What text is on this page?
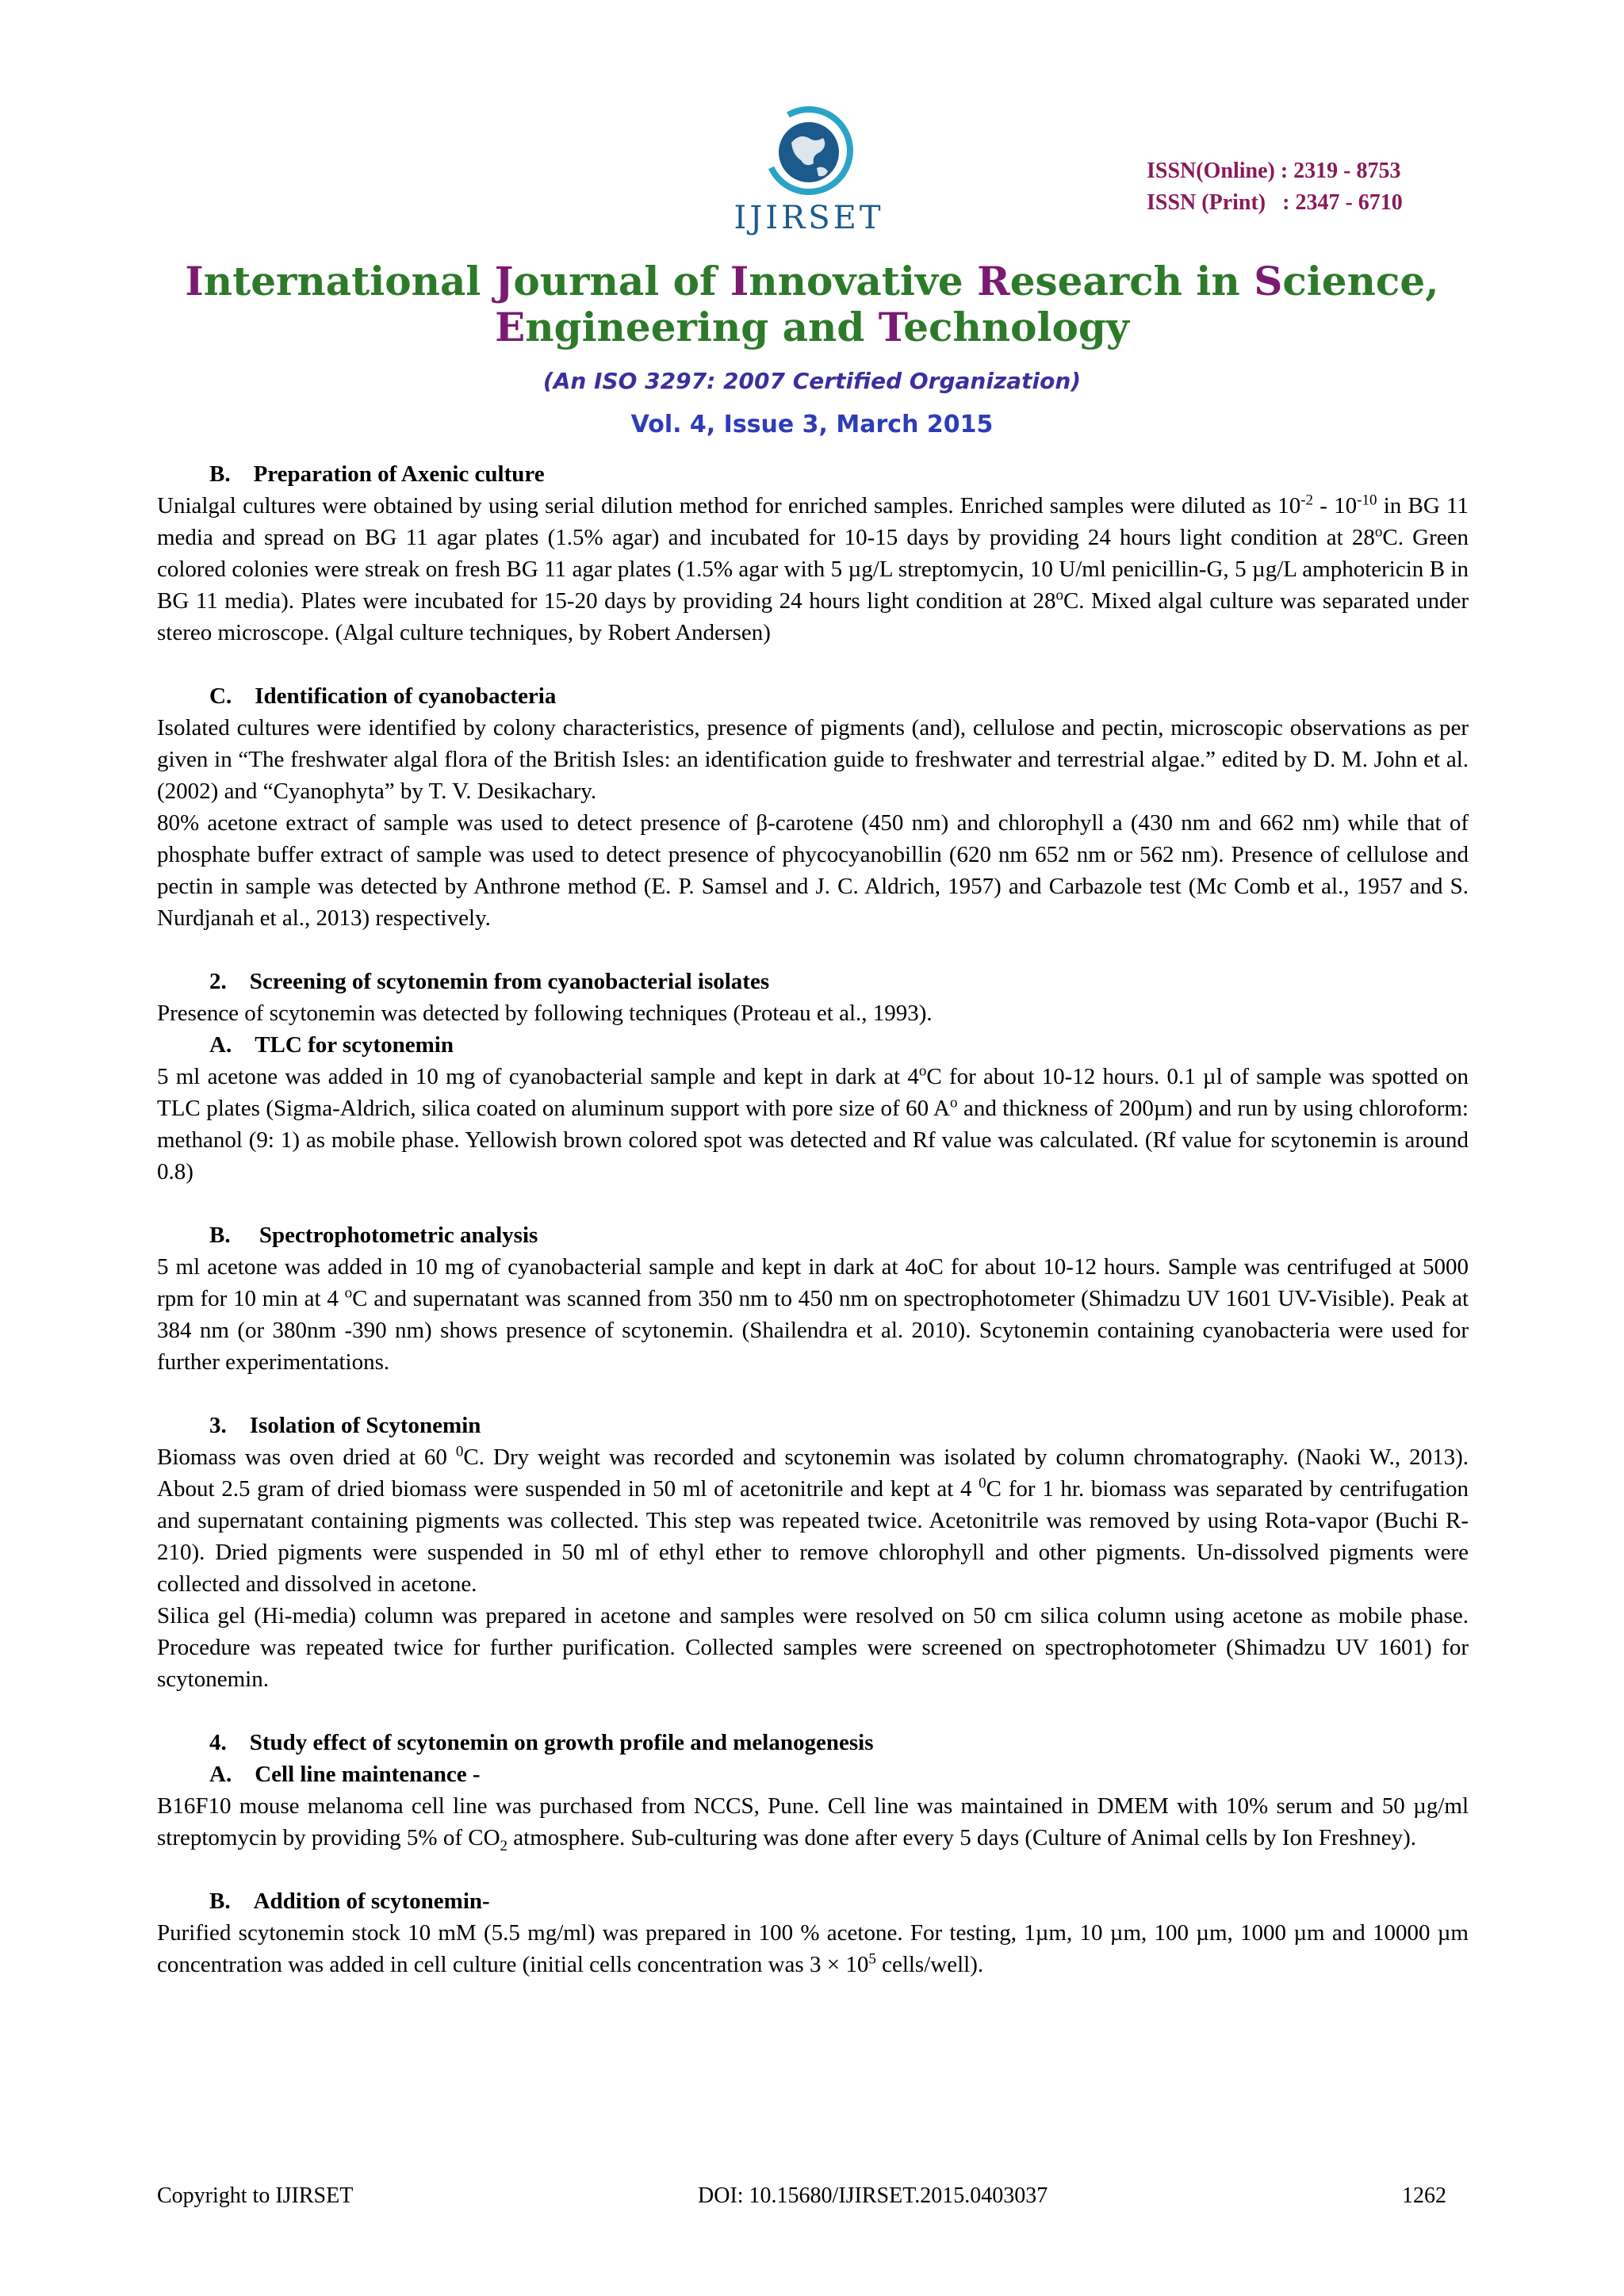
IJIRSET
ISSN(Online) : 2319 - 8753
ISSN (Print)   : 2347 - 6710
International Journal of Innovative Research in Science,
Engineering and Technology
(An ISO 3297: 2007 Certified Organization)
Vol. 4, Issue 3, March 2015
B.    Preparation of Axenic culture
Unialgal cultures were obtained by using serial dilution method for enriched samples. Enriched samples were diluted as $10^{-2} - 10^{-10}$ in BG 11 media and spread on BG 11 agar plates (1.5% agar) and incubated for 10-15 days by providing 24 hours light condition at 28$^o$C. Green colored colonies were streak on fresh BG 11 agar plates (1.5% agar with 5 µg/L streptomycin, 10 U/ml penicillin-G, 5 µg/L amphotericin B in BG 11 media). Plates were incubated for 15-20 days by providing 24 hours light condition at 28$^o$C. Mixed algal culture was separated under stereo microscope. (Algal culture techniques, by Robert Andersen)
C.    Identification of cyanobacteria
Isolated cultures were identified by colony characteristics, presence of pigments (and), cellulose and pectin, microscopic observations as per given in “The freshwater algal flora of the British Isles: an identification guide to freshwater and terrestrial algae.” edited by D. M. John et al. (2002) and “Cyanophyta” by T. V. Desikachary.
80% acetone extract of sample was used to detect presence of β-carotene (450 nm) and chlorophyll a (430 nm and 662 nm) while that of phosphate buffer extract of sample was used to detect presence of phycocyanobillin (620 nm 652 nm or 562 nm). Presence of cellulose and pectin in sample was detected by Anthrone method (E. P. Samsel and J. C. Aldrich, 1957) and Carbazole test (Mc Comb et al., 1957 and S. Nurdjanah et al., 2013) respectively.
2.    Screening of scytonemin from cyanobacterial isolates
Presence of scytonemin was detected by following techniques (Proteau et al., 1993).
A.    TLC for scytonemin
5 ml acetone was added in 10 mg of cyanobacterial sample and kept in dark at 4$^o$C for about 10-12 hours. 0.1 µl of sample was spotted on TLC plates (Sigma-Aldrich, silica coated on aluminum support with pore size of 60 $A^o$ and thickness of 200µm) and run by using chloroform: methanol (9: 1) as mobile phase. Yellowish brown colored spot was detected and Rf value was calculated. (Rf value for scytonemin is around 0.8)
B.     Spectrophotometric analysis
5 ml acetone was added in 10 mg of cyanobacterial sample and kept in dark at 4oC for about 10-12 hours. Sample was centrifuged at 5000 rpm for 10 min at 4 $^o$C and supernatant was scanned from 350 nm to 450 nm on spectrophotometer (Shimadzu UV 1601 UV-Visible). Peak at 384 nm (or 380nm -390 nm) shows presence of scytonemin. (Shailendra et al. 2010). Scytonemin containing cyanobacteria were used for further experimentations.
3.    Isolation of Scytonemin
Biomass was oven dried at 60 $^0$C. Dry weight was recorded and scytonemin was isolated by column chromatography. (Naoki W., 2013). About 2.5 gram of dried biomass were suspended in 50 ml of acetonitrile and kept at 4 $^0$C for 1 hr. biomass was separated by centrifugation and supernatant containing pigments was collected. This step was repeated twice. Acetonitrile was removed by using Rota-vapor (Buchi R-210). Dried pigments were suspended in 50 ml of ethyl ether to remove chlorophyll and other pigments. Un-dissolved pigments were collected and dissolved in acetone.
Silica gel (Hi-media) column was prepared in acetone and samples were resolved on 50 cm silica column using acetone as mobile phase. Procedure was repeated twice for further purification. Collected samples were screened on spectrophotometer (Shimadzu UV 1601) for scytonemin.
4.    Study effect of scytonemin on growth profile and melanogenesis
A.    Cell line maintenance -
B16F10 mouse melanoma cell line was purchased from NCCS, Pune. Cell line was maintained in DMEM with 10% serum and 50 µg/ml streptomycin by providing 5% of $CO_2$ atmosphere. Sub-culturing was done after every 5 days (Culture of Animal cells by Ion Freshney).
B.    Addition of scytonemin-
Purified scytonemin stock 10 mM (5.5 mg/ml) was prepared in 100 % acetone. For testing, 1µm, 10 µm, 100 µm, 1000 µm and 10000 µm concentration was added in cell culture (initial cells concentration was $3 \times 10^5$ cells/well).
Copyright to IJIRSET	DOI: 10.15680/IJIRSET.2015.0403037	1262
